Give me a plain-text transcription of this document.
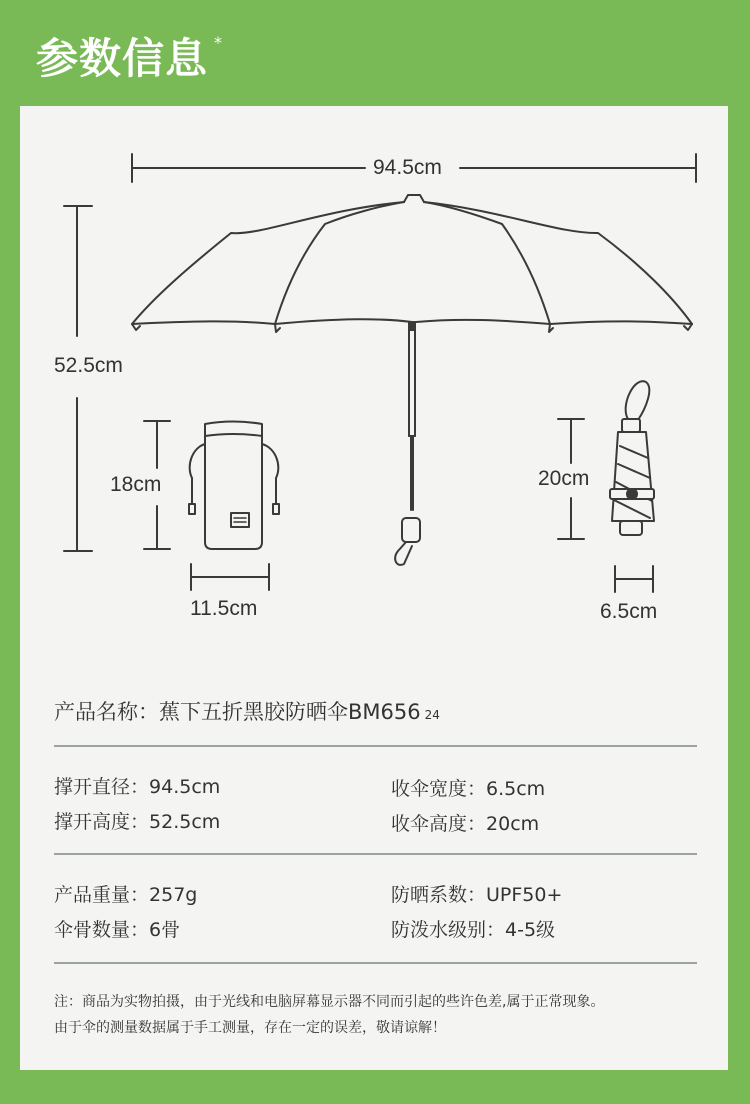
参数信息 *
94.5cm
52.5cm
18cm
11.5cm
20cm
6.5cm
产品名称：蕉下五折黑胶防晒伞BM656 24
撑开直径：94.5cm	收伞宽度：6.5cm
撑开高度：52.5cm	收伞高度：20cm
产品重量：257g	防晒系数：UPF50+
伞骨数量：6骨	防泼水级别：4-5级
注：商品为实物拍摄，由于光线和电脑屏幕显示器不同而引起的些许色差,属于正常现象。
由于伞的测量数据属于手工测量，存在一定的误差，敬请谅解！
